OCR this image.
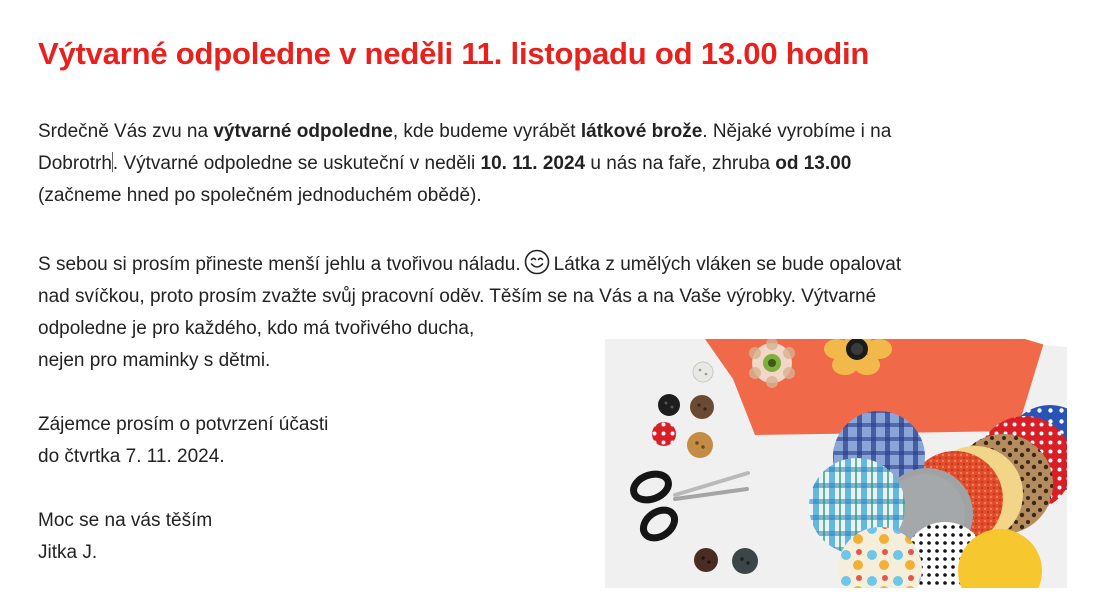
Výtvarné odpoledne v neděli 11. listopadu od 13.00 hodin

Srdečně Vás zvu na výtvarné odpoledne, kde budeme vyrábět látkové brože. Nějaké vyrobíme i na
Dobrotrh. Výtvarné odpoledne se uskuteční v neděli 10. 11. 2024 u nás na faře, zhruba od 13.00
(začneme hned po společném jednoduchém obědě).

S sebou si prosím přineste menší jehlu a tvořivou náladu. Látka z umělých vláken se bude opalovat
nad svíčkou, proto prosím zvažte svůj pracovní oděv. Těším se na Vás a na Vaše výrobky. Výtvarné
odpoledne je pro každého, kdo má tvořivého ducha,
nejen pro maminky s dětmi.

Zájemce prosím o potvrzení účasti
do čtvrtka 7. 11. 2024.

Moc se na vás těším
Jitka J.
